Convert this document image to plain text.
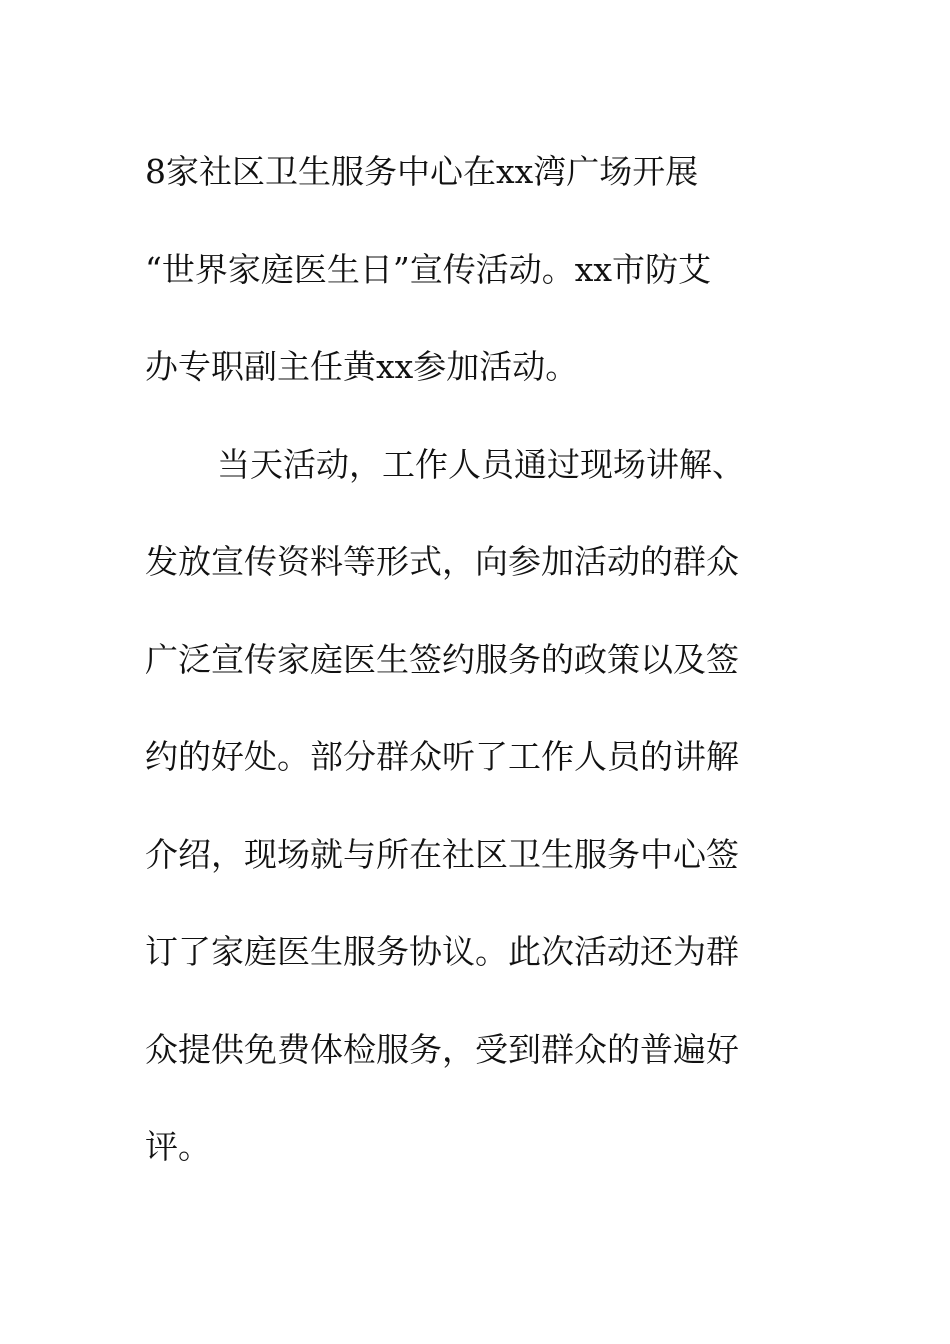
8家社区卫生服务中心在xx湾广场开展
“世界家庭医生日”宣传活动。xx市防艾
办专职副主任黄xx参加活动。
当天活动，工作人员通过现场讲解、
发放宣传资料等形式，向参加活动的群众
广泛宣传家庭医生签约服务的政策以及签
约的好处。部分群众听了工作人员的讲解
介绍，现场就与所在社区卫生服务中心签
订了家庭医生服务协议。此次活动还为群
众提供免费体检服务，受到群众的普遍好
评。
